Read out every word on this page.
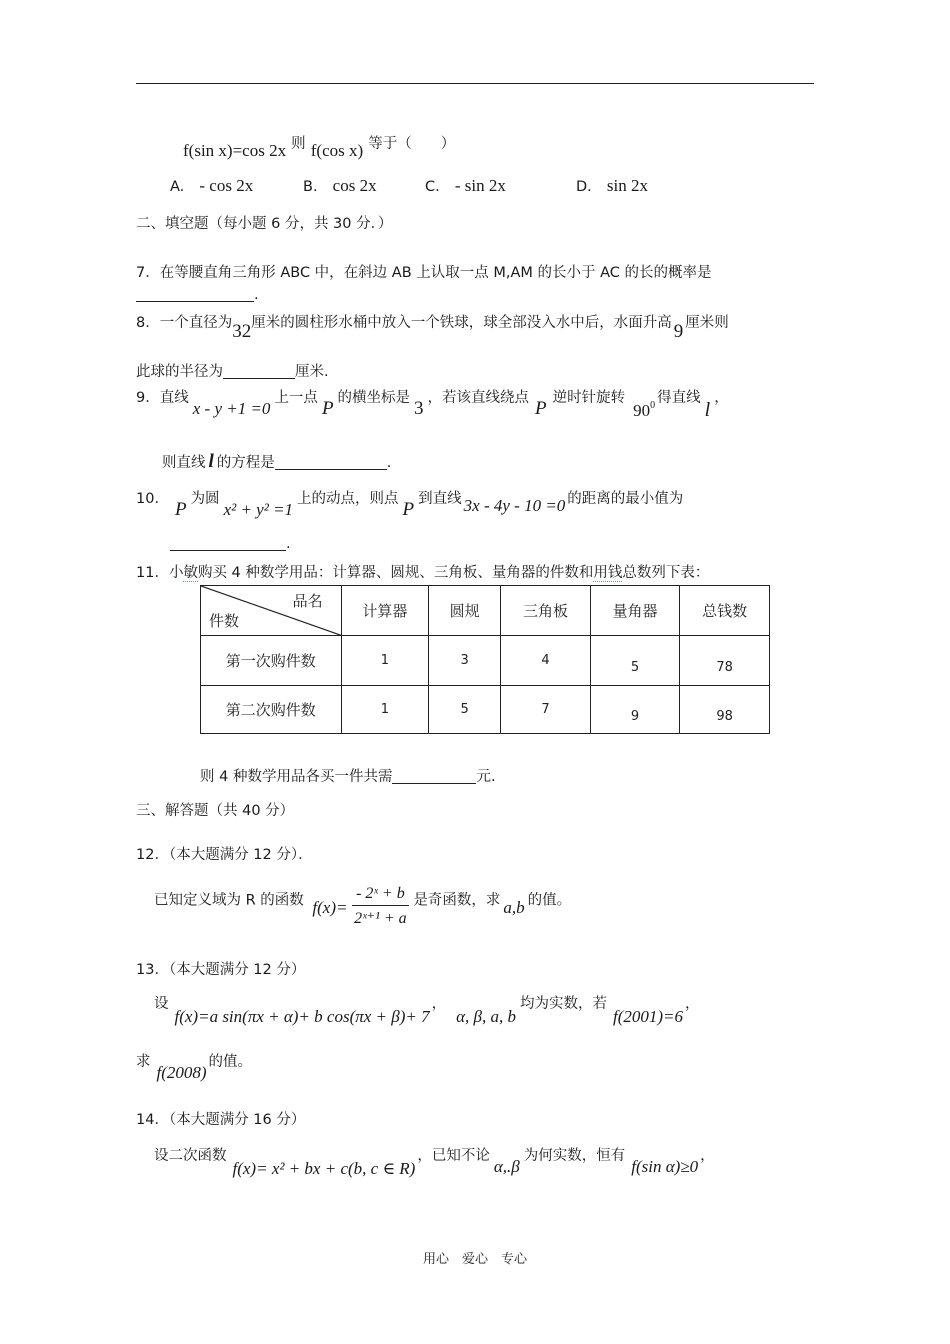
f(sin x)=cos 2x 则 f(cos x) 等于（　　）
A. - cos 2x	B. cos 2x	C. - sin 2x	D. sin 2x
二、填空题（每小题 6 分，共 30 分．）
7．在等腰直角三角形 ABC 中，在斜边 AB 上认取一点 M,AM 的长小于 AC 的长的概率是
.
8．一个直径为32厘米的圆柱形水桶中放入一个铁球，球全部没入水中后，水面升高 9 厘米则
此球的半径为	厘米.
9．直线x - y +1 =0上一点 P 的横坐标是 3 ，若该直线绕点 P 逆时针旋转$90^0$ 得直线l，
则直线 l 的方程是	.
10． P 为圆x² + y² =1上的动点，则点 P 到直线 3x - 4y - 10 =0 的距离的最小值为
.
11．小敏购买 4 种数学用品：计算器、圆规、三角板、量角器的件数和用钱总数列下表：
品名
件数	计算器	圆规	三角板	量角器	总钱数
第一次购件数	1	3	4	5	78
第二次购件数	1	5	7	9	98
则 4 种数学用品各买一件共需	元.
三、解答题（共 40 分）
12．（本大题满分 12 分）．
已知定义域为 R 的函数 $f(x)= \frac{\text{- 2ˣ + b}}{\text{2ˣ⁺¹ + a}}$ 是奇函数，求 a,b 的值。
13．（本大题满分 12 分）
设f(x)=a sin(πx + α)+ b cos(πx + β)+ 7，α, β, a, b均为实数，若f(2001)=6，
求f(2008)的值。
14．（本大题满分 16 分）
设二次函数f(x)= x² + bx + c(b, c ∈ R)，已知不论α,.β为何实数，恒有f(sin α)≥0，
用心　爱心　专心
